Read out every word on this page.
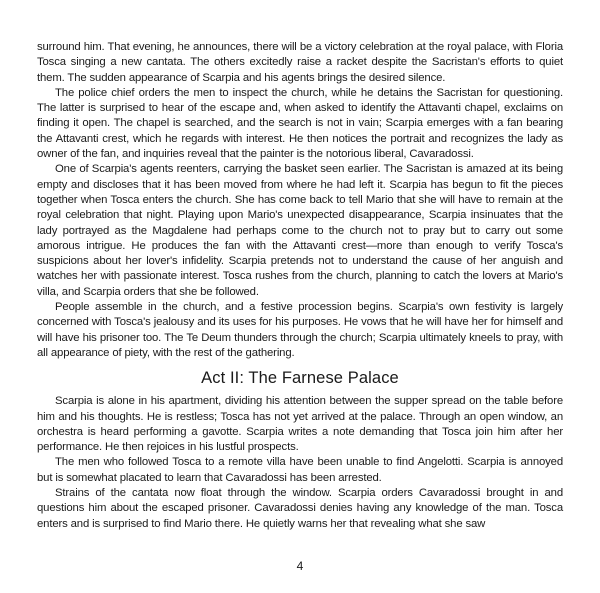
surround him. That evening, he announces, there will be a victory celebration at the royal palace, with Floria Tosca singing a new cantata. The others excitedly raise a racket despite the Sacristan's efforts to quiet them. The sudden appearance of Scarpia and his agents brings the desired silence.

The police chief orders the men to inspect the church, while he detains the Sacristan for questioning. The latter is surprised to hear of the escape and, when asked to identify the Attavanti chapel, exclaims on finding it open. The chapel is searched, and the search is not in vain; Scarpia emerges with a fan bearing the Attavanti crest, which he regards with interest. He then notices the portrait and recognizes the lady as owner of the fan, and inquiries reveal that the painter is the notorious liberal, Cavaradossi.

One of Scarpia's agents reenters, carrying the basket seen earlier. The Sacristan is amazed at its being empty and discloses that it has been moved from where he had left it. Scarpia has begun to fit the pieces together when Tosca enters the church. She has come back to tell Mario that she will have to remain at the royal celebration that night. Playing upon Mario's unexpected disappearance, Scarpia insinuates that the lady portrayed as the Magdalene had perhaps come to the church not to pray but to carry out some amorous intrigue. He produces the fan with the Attavanti crest—more than enough to verify Tosca's suspicions about her lover's infidelity. Scarpia pretends not to understand the cause of her anguish and watches her with passionate interest. Tosca rushes from the church, planning to catch the lovers at Mario's villa, and Scarpia orders that she be followed.

People assemble in the church, and a festive procession begins. Scarpia's own festivity is largely concerned with Tosca's jealousy and its uses for his purposes. He vows that he will have her for himself and will have his prisoner too. The Te Deum thunders through the church; Scarpia ultimately kneels to pray, with all appearance of piety, with the rest of the gathering.

Act II: The Farnese Palace

Scarpia is alone in his apartment, dividing his attention between the supper spread on the table before him and his thoughts. He is restless; Tosca has not yet arrived at the palace. Through an open window, an orchestra is heard performing a gavotte. Scarpia writes a note demanding that Tosca join him after her performance. He then rejoices in his lustful prospects.

The men who followed Tosca to a remote villa have been unable to find Angelotti. Scarpia is annoyed but is somewhat placated to learn that Cavaradossi has been arrested.

Strains of the cantata now float through the window. Scarpia orders Cavaradossi brought in and questions him about the escaped prisoner. Cavaradossi denies having any knowledge of the man. Tosca enters and is surprised to find Mario there. He quietly warns her that revealing what she saw

4
